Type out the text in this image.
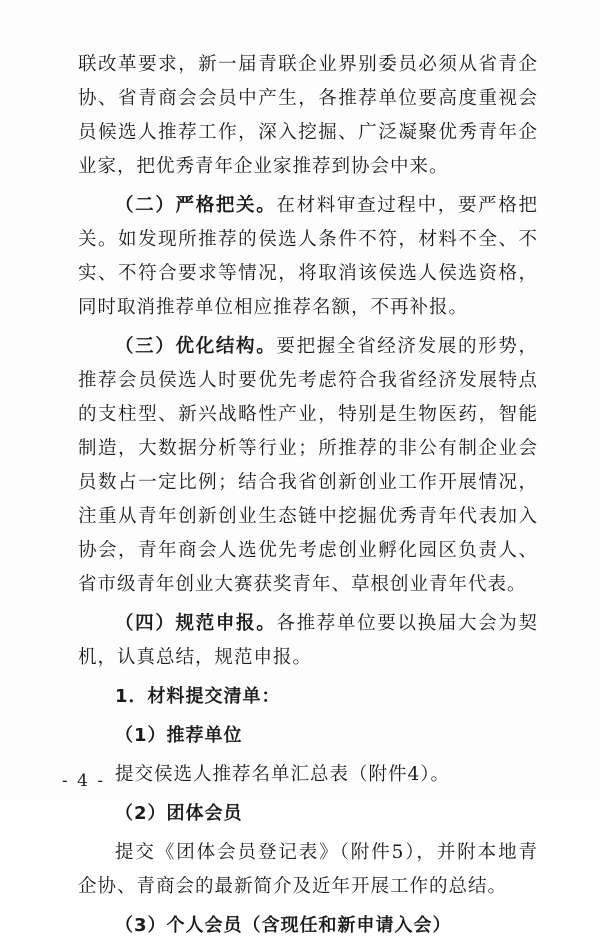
联改革要求，新一届青联企业界别委员必须从省青企协、省青商会会员中产生，各推荐单位要高度重视会员候选人推荐工作，深入挖掘、广泛凝聚优秀青年企业家，把优秀青年企业家推荐到协会中来。

（二）严格把关。在材料审查过程中，要严格把关。如发现所推荐的侯选人条件不符，材料不全、不实、不符合要求等情况，将取消该侯选人侯选资格，同时取消推荐单位相应推荐名额，不再补报。

（三）优化结构。要把握全省经济发展的形势，推荐会员侯选人时要优先考虑符合我省经济发展特点的支柱型、新兴战略性产业，特别是生物医药，智能制造，大数据分析等行业；所推荐的非公有制企业会员数占一定比例；结合我省创新创业工作开展情况，注重从青年创新创业生态链中挖掘优秀青年代表加入协会，青年商会人选优先考虑创业孵化园区负责人、省市级青年创业大赛获奖青年、草根创业青年代表。

（四）规范申报。各推荐单位要以换届大会为契机，认真总结，规范申报。

1．材料提交清单：

（1）推荐单位

提交侯选人推荐名单汇总表（附件4）。

（2）团体会员

提交《团体会员登记表》（附件5），并附本地青企协、青商会的最新简介及近年开展工作的总结。

（3）个人会员（含现任和新申请入会）

- 4 -
